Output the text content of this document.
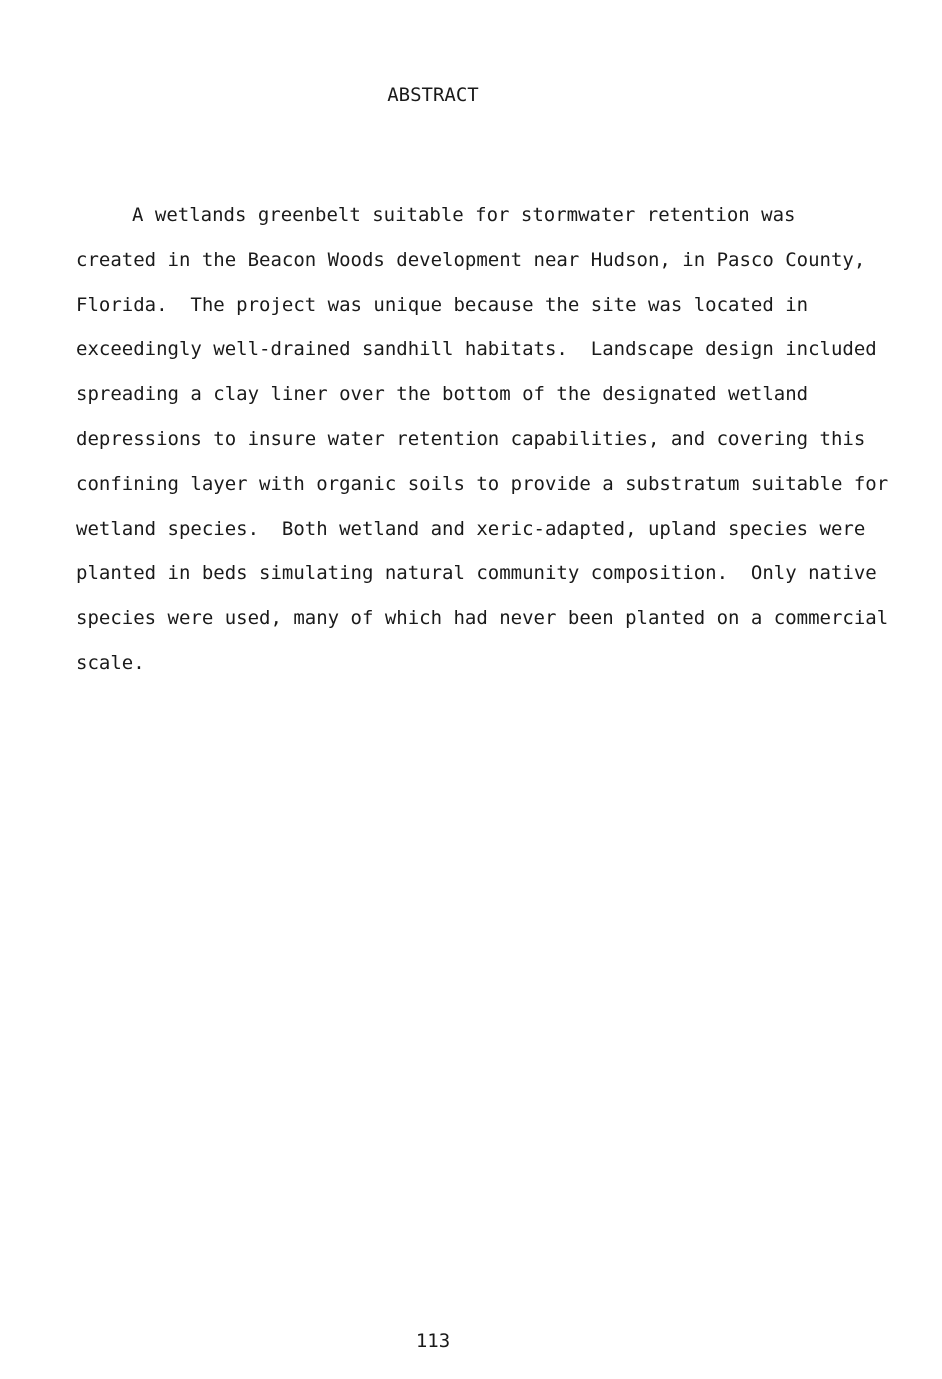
ABSTRACT
A wetlands greenbelt suitable for stormwater retention was
created in the Beacon Woods development near Hudson, in Pasco County,
Florida.  The project was unique because the site was located in
exceedingly well-drained sandhill habitats.  Landscape design included
spreading a clay liner over the bottom of the designated wetland
depressions to insure water retention capabilities, and covering this
confining layer with organic soils to provide a substratum suitable for
wetland species.  Both wetland and xeric-adapted, upland species were
planted in beds simulating natural community composition.  Only native
species were used, many of which had never been planted on a commercial
scale.
113
